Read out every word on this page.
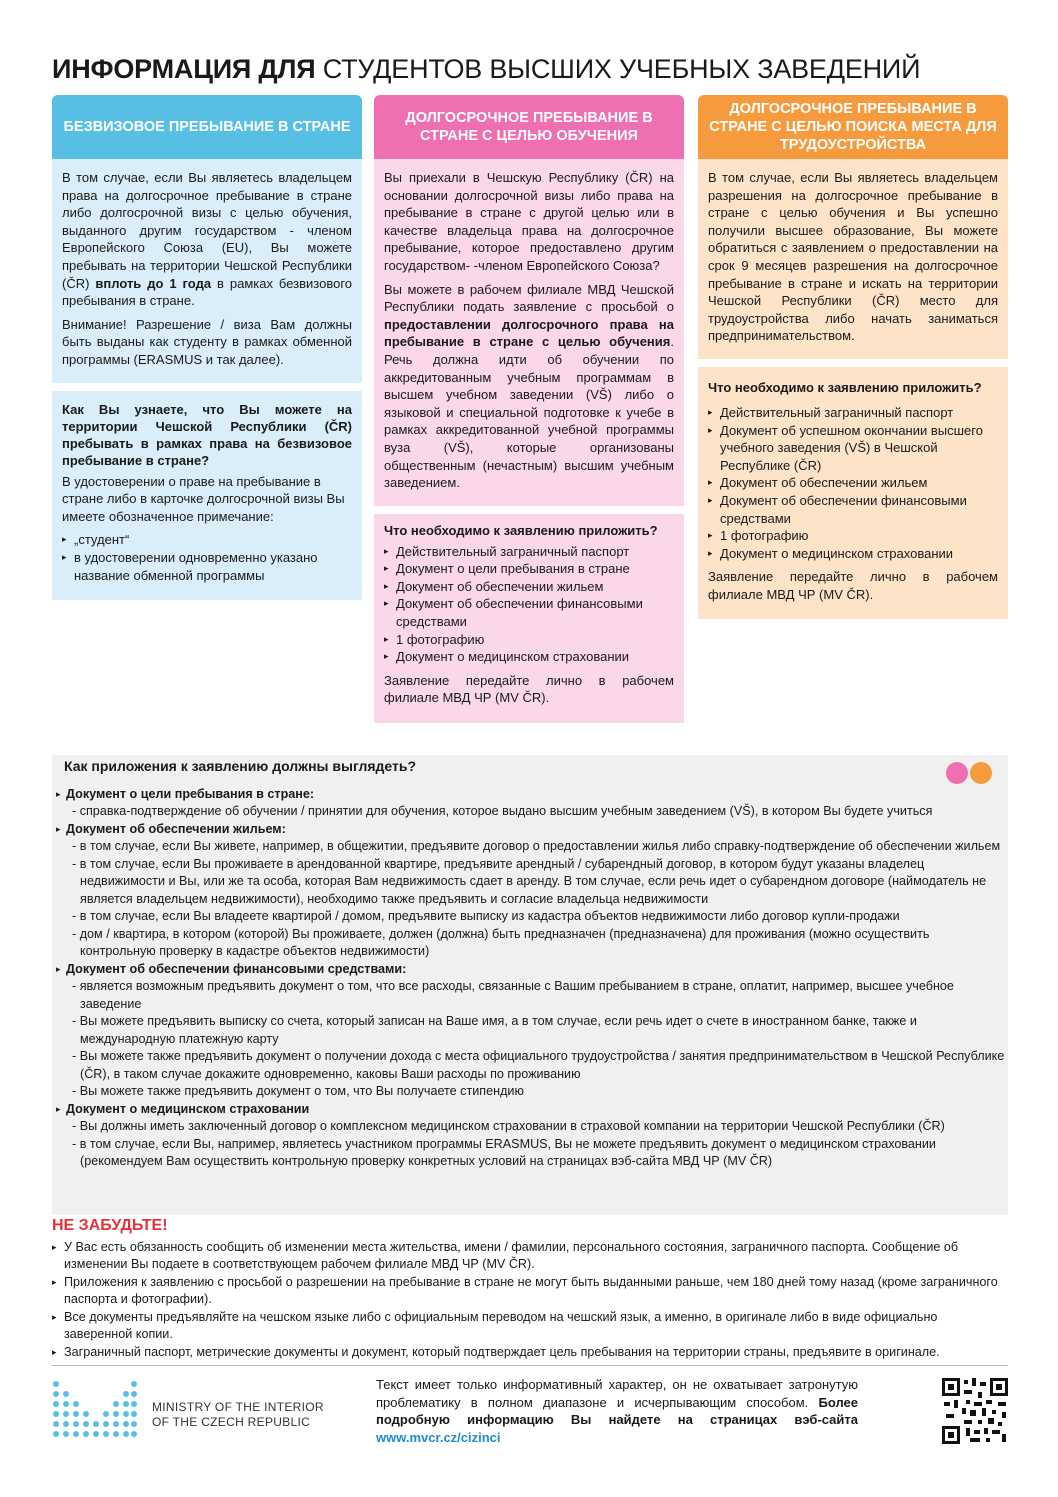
ИНФОРМАЦИЯ ДЛЯ СТУДЕНТОВ ВЫСШИХ УЧЕБНЫХ ЗАВЕДЕНИЙ
БЕЗВИЗОВОЕ ПРЕБЫВАНИЕ В СТРАНЕ

В том случае, если Вы являетесь владельцем права на долгосрочное пребывание в стране либо долгосрочной визы с целью обучения, выданного другим государством - членом Европейского Союза (EU), Вы можете пребывать на территории Чешской Республики (ČR) вплоть до 1 года в рамках безвизового пребывания в стране.

Внимание! Разрешение / виза Вам должны быть выданы как студенту в рамках обменной программы (ERASMUS и так далее).

Как Вы узнаете, что Вы можете на территории Чешской Республики (ČR) пребывать в рамках права на безвизовое пребывание в стране?

В удостоверении о праве на пребывание в стране либо в карточке долгосрочной визы Вы имеете обозначенное примечание:

▸ „студент“
▸ в удостоверении одновременно указано название обменной программы
ДОЛГОСРОЧНОЕ ПРЕБЫВАНИЕ В СТРАНЕ С ЦЕЛЬЮ ОБУЧЕНИЯ

Вы приехали в Чешскую Республику (ČR) на основании долгосрочной визы либо права на пребывание в стране с другой целью или в качестве владельца права на долгосрочное пребывание, которое предоставлено другим государством- -членом Европейского Союза?

Вы можете в рабочем филиале МВД Чешской Республики подать заявление с просьбой о предоставлении долгосрочного права на пребывание в стране с целью обучения. Речь должна идти об обучении по аккредитованным учебным программам в высшем учебном заведении (VŠ) либо о языковой и специальной подготовке к учебе в рамках аккредитованной учебной программы вуза (VŠ), которые организованы общественным (нечастным) высшим учебным заведением.

Что необходимо к заявлению приложить?
▸ Действительный заграничный паспорт
▸ Документ о цели пребывания в стране
▸ Документ об обеспечении жильем
▸ Документ об обеспечении финансовыми средствами
▸ 1 фотографию
▸ Документ о медицинском страховании

Заявление передайте лично в рабочем филиале МВД ЧР (MV ČR).

ДОЛГОСРОЧНОЕ ПРЕБЫВАНИЕ В СТРАНЕ С ЦЕЛЬЮ ПОИСКА МЕСТА ДЛЯ ТРУДОУСТРОЙСТВА

В том случае, если Вы являетесь владельцем разрешения на долгосрочное пребывание в стране с целью обучения и Вы успешно получили высшее образование, Вы можете обратиться с заявлением о предоставлении на срок 9 месяцев разрешения на долгосрочное пребывание в стране и искать на территории Чешской Республики (ČR) место для трудоустройства либо начать заниматься предпринимательством.

Что необходимо к заявлению приложить?
▸ Действительный заграничный паспорт
▸ Документ об успешном окончании высшего учебного заведения (VŠ) в Чешской Республике (ČR)
▸ Документ об обеспечении жильем
▸ Документ об обеспечении финансовыми средствами
▸ 1 фотографию
▸ Документ о медицинском страховании

Заявление передайте лично в рабочем филиале МВД ЧР (MV ČR).

Как приложения к заявлению должны выглядеть?
▸ Документ о цели пребывания в стране:
- справка-подтверждение об обучении / принятии для обучения, которое выдано высшим учебным заведением (VŠ), в котором Вы будете учиться
▸ Документ об обеспечении жильем:
- в том случае, если Вы живете, например, в общежитии, предъявите договор о предоставлении жилья либо справку-подтверждение об обеспечении жильем
- в том случае, если Вы проживаете в арендованной квартире, предъявите арендный / субарендный договор, в котором будут указаны владелец недвижимости и Вы, или же та особа, которая Вам недвижимость сдает в аренду. В том случае, если речь идет о субарендном договоре (наймодатель не является владельцем недвижимости), необходимо также предъявить и согласие владельца недвижимости
- в том случае, если Вы владеете квартирой / домом, предъявите выписку из кадастра объектов недвижимости либо договор купли-продажи
- дом / квартира, в котором (которой) Вы проживаете, должен (должна) быть предназначен (предназначена) для проживания (можно осуществить контрольную проверку в кадастре объектов недвижимости)
▸ Документ об обеспечении финансовыми средствами:
- является возможным предъявить документ о том, что все расходы, связанные с Вашим пребыванием в стране, оплатит, например, высшее учебное заведение
- Вы можете предъявить выписку со счета, который записан на Ваше имя, а в том случае, если речь идет о счете в иностранном банке, также и международную платежную карту
- Вы можете также предъявить документ о получении дохода с места официального трудоустройства / занятия предпринимательством в Чешской Республике (ČR), в таком случае докажите одновременно, каковы Ваши расходы по проживанию
- Вы можете также предъявить документ о том, что Вы получаете стипендию
▸ Документ о медицинском страховании
- Вы должны иметь заключенный договор о комплексном медицинском страховании в страховой компании на территории Чешской Республики (ČR)
- в том случае, если Вы, например, являетесь участником программы ERASMUS, Вы не можете предъявить документ о медицинском страховании (рекомендуем Вам осуществить контрольную проверку конкретных условий на страницах вэб-сайта МВД ЧР (MV ČR)
НЕ ЗАБУДЬТЕ!
▸ У Вас есть обязанность сообщить об изменении места жительства, имени / фамилии, персонального состояния, заграничного паспорта. Сообщение об изменении Вы подаете в соответствующем рабочем филиале МВД ЧР (MV ČR).
▸ Приложения к заявлению с просьбой о разрешении на пребывание в стране не могут быть выданными раньше, чем 180 дней тому назад (кроме заграничного паспорта и фотографии).
▸ Все документы предъявляйте на чешском языке либо с официальным переводом на чешский язык, а именно, в оригинале либо в виде официально заверенной копии.
▸ Заграничный паспорт, метрические документы и документ, который подтверждает цель пребывания на территории страны, предъявите в оригинале.
MINISTRY OF THE INTERIOR
OF THE CZECH REPUBLIC
Текст имеет только информативный характер, он не охватывает затронутую проблематику в полном диапазоне и исчерпывающим способом. Более подробную информацию Вы найдете на страницах вэб-сайта www.mvcr.cz/cizinci
